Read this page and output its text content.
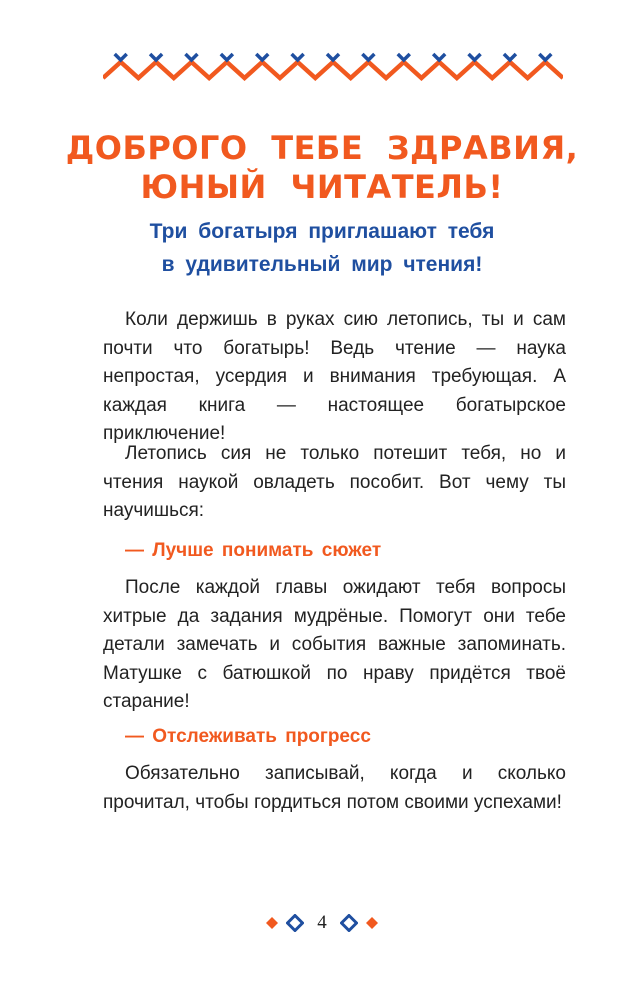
ДОБРОГО ТЕБЕ ЗДРАВИЯ,
ЮНЫЙ ЧИТАТЕЛЬ!

Три богатыря приглашают тебя

в удивительный мир чтения!

Коли держишь в руках сию летопись, ты и сам почти что богатырь! Ведь чтение — наука непростая, усердия и внимания требующая. А каждая книга — настоящее богатырское приключение!

Летопись сия не только потешит тебя, но и чтения наукой овладеть пособит. Вот чему ты научишься:

— Лучше понимать сюжет

После каждой главы ожидают тебя вопросы хитрые да задания мудрёные. Помогут они тебе детали замечать и события важные запоминать. Матушке с батюшкой по нраву придётся твоё старание!

— Отслеживать прогресс

Обязательно записывай, когда и сколько прочитал, чтобы гордиться потом своими успехами!

4
